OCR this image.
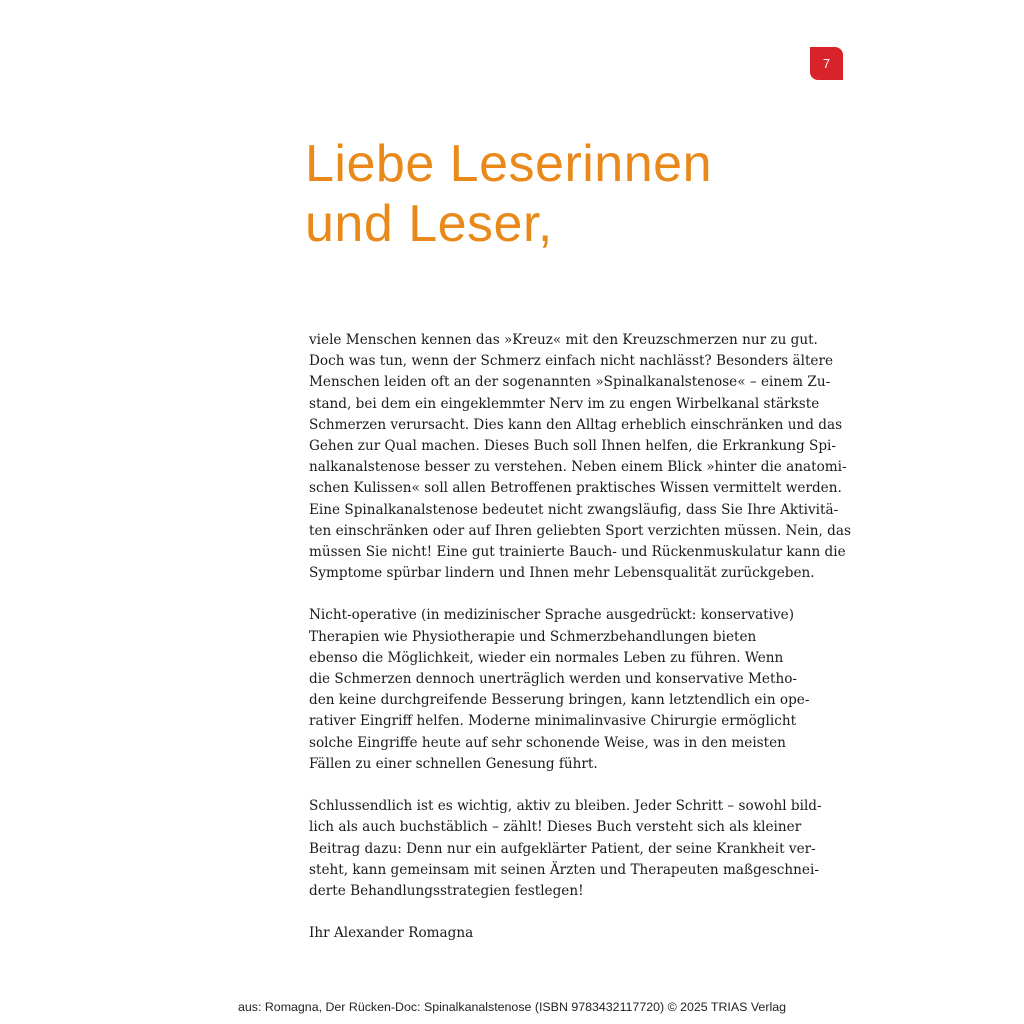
7
Liebe Leserinnen
und Leser,
viele Menschen kennen das »Kreuz« mit den Kreuzschmerzen nur zu gut.
Doch was tun, wenn der Schmerz einfach nicht nachlässt? Besonders ältere
Menschen leiden oft an der sogenannten »Spinalkanalstenose« – einem Zu-
stand, bei dem ein eingeklemmter Nerv im zu engen Wirbelkanal stärkste
Schmerzen verursacht. Dies kann den Alltag erheblich einschränken und das
Gehen zur Qual machen. Dieses Buch soll Ihnen helfen, die Erkrankung Spi-
nalkanalstenose besser zu verstehen. Neben einem Blick »hinter die anatomi-
schen Kulissen« soll allen Betroffenen praktisches Wissen vermittelt werden.
Eine Spinalkanalstenose bedeutet nicht zwangsläufig, dass Sie Ihre Aktivitä-
ten einschränken oder auf Ihren geliebten Sport verzichten müssen. Nein, das
müssen Sie nicht! Eine gut trainierte Bauch- und Rückenmuskulatur kann die
Symptome spürbar lindern und Ihnen mehr Lebensqualität zurückgeben.
Nicht-operative (in medizinischer Sprache ausgedrückt: konservative)
Therapien wie Physiotherapie und Schmerzbehandlungen bieten
ebenso die Möglichkeit, wieder ein normales Leben zu führen. Wenn
die Schmerzen dennoch unerträglich werden und konservative Metho-
den keine durchgreifende Besserung bringen, kann letztendlich ein ope-
rativer Eingriff helfen. Moderne minimalinvasive Chirurgie ermöglicht
solche Eingriffe heute auf sehr schonende Weise, was in den meisten
Fällen zu einer schnellen Genesung führt.
Schlussendlich ist es wichtig, aktiv zu bleiben. Jeder Schritt – sowohl bild-
lich als auch buchstäblich – zählt! Dieses Buch versteht sich als kleiner
Beitrag dazu: Denn nur ein aufgeklärter Patient, der seine Krankheit ver-
steht, kann gemeinsam mit seinen Ärzten und Therapeuten maßgeschnei-
derte Behandlungsstrategien festlegen!
Ihr Alexander Romagna
aus: Romagna, Der Rücken-Doc: Spinalkanalstenose (ISBN 9783432117720) © 2025 TRIAS Verlag
